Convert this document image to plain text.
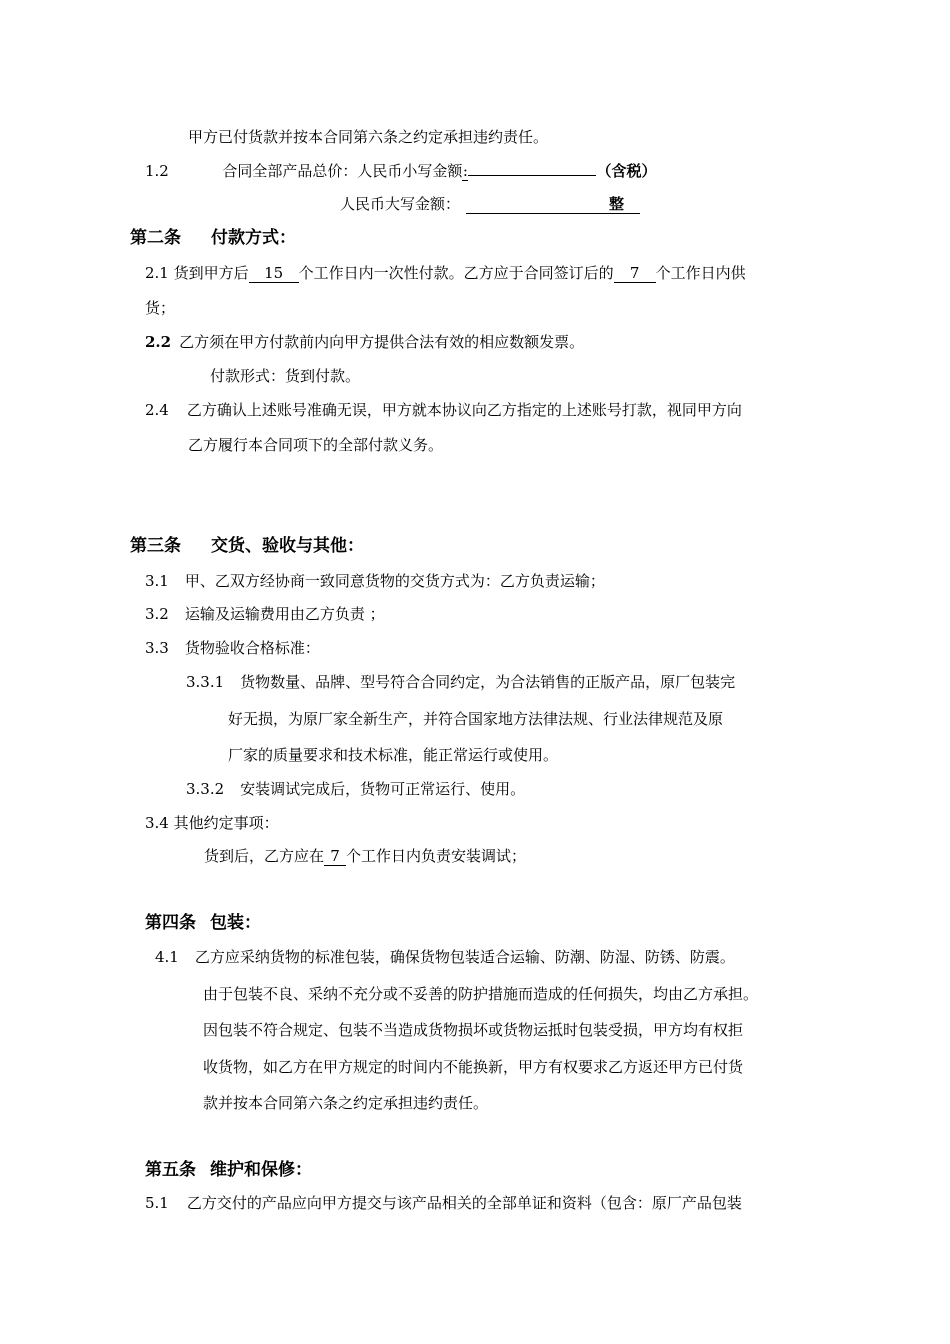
甲方已付货款并按本合同第六条之约定承担违约责任。
1.2	合同全部产品总价：人民币小写金额:	（含税）
人民币大写金额：	整
第二条 付款方式：
2.1 货到甲方后 15 个工作日内一次性付款。乙方应于合同签订后的 7 个工作日内供
货；
2.2 乙方须在甲方付款前内向甲方提供合法有效的相应数额发票。
付款形式：货到付款。
2.4 乙方确认上述账号准确无误，甲方就本协议向乙方指定的上述账号打款，视同甲方向
乙方履行本合同项下的全部付款义务。
第三条 交货、验收与其他：
3.1 甲、乙双方经协商一致同意货物的交货方式为：乙方负责运输；
3.2 运输及运输费用由乙方负责 ；
3.3 货物验收合格标准：
3.3.1 货物数量、品牌、型号符合合同约定，为合法销售的正版产品，原厂包装完
好无损，为原厂家全新生产，并符合国家地方法律法规、行业法律规范及原
厂家的质量要求和技术标准，能正常运行或使用。
3.3.2 安装调试完成后，货物可正常运行、使用。
3.4 其他约定事项：
货到后，乙方应在 7 个工作日内负责安装调试；
第四条 包装：
4.1 乙方应采纳货物的标准包装，确保货物包装适合运输、防潮、防湿、防锈、防震。
由于包装不良、采纳不充分或不妥善的防护措施而造成的任何损失，均由乙方承担。
因包装不符合规定、包装不当造成货物损坏或货物运抵时包装受损，甲方均有权拒
收货物，如乙方在甲方规定的时间内不能换新，甲方有权要求乙方返还甲方已付货
款并按本合同第六条之约定承担违约责任。
第五条 维护和保修：
5.1 乙方交付的产品应向甲方提交与该产品相关的全部单证和资料（包含：原厂产品包装
